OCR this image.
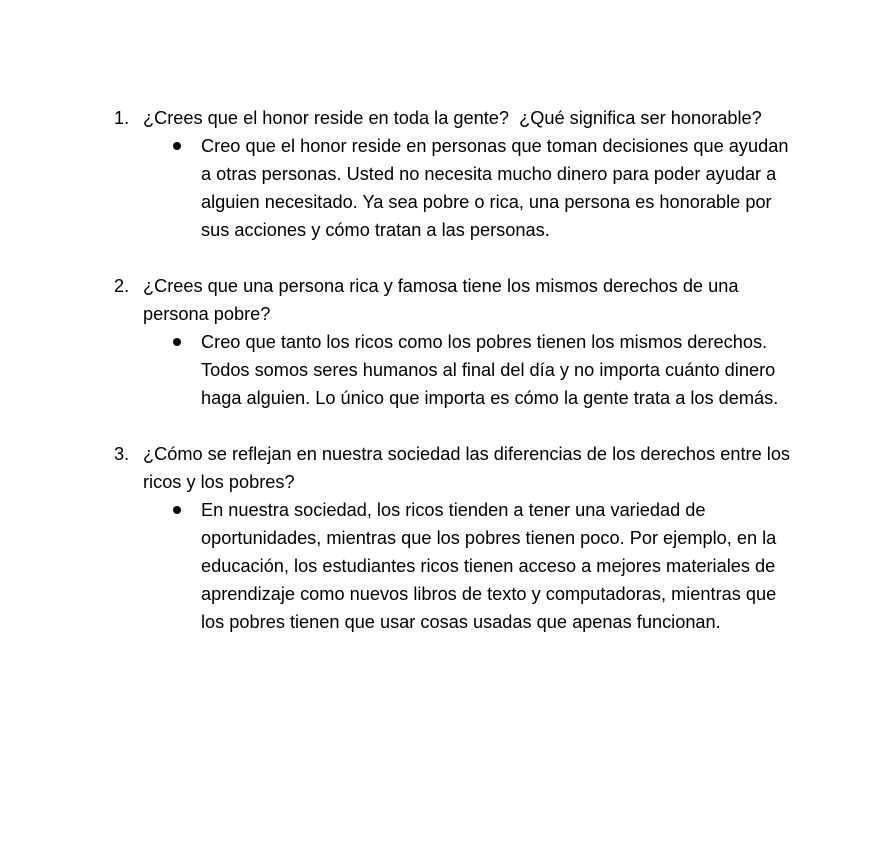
1. ¿Crees que el honor reside en toda la gente?  ¿Qué significa ser honorable?
Creo que el honor reside en personas que toman decisiones que ayudan a otras personas. Usted no necesita mucho dinero para poder ayudar a alguien necesitado. Ya sea pobre o rica, una persona es honorable por sus acciones y cómo tratan a las personas.
2. ¿Crees que una persona rica y famosa tiene los mismos derechos de una persona pobre?
Creo que tanto los ricos como los pobres tienen los mismos derechos. Todos somos seres humanos al final del día y no importa cuánto dinero haga alguien. Lo único que importa es cómo la gente trata a los demás.
3. ¿Cómo se reflejan en nuestra sociedad las diferencias de los derechos entre los ricos y los pobres?
En nuestra sociedad, los ricos tienden a tener una variedad de oportunidades, mientras que los pobres tienen poco. Por ejemplo, en la educación, los estudiantes ricos tienen acceso a mejores materiales de aprendizaje como nuevos libros de texto y computadoras, mientras que los pobres tienen que usar cosas usadas que apenas funcionan.
